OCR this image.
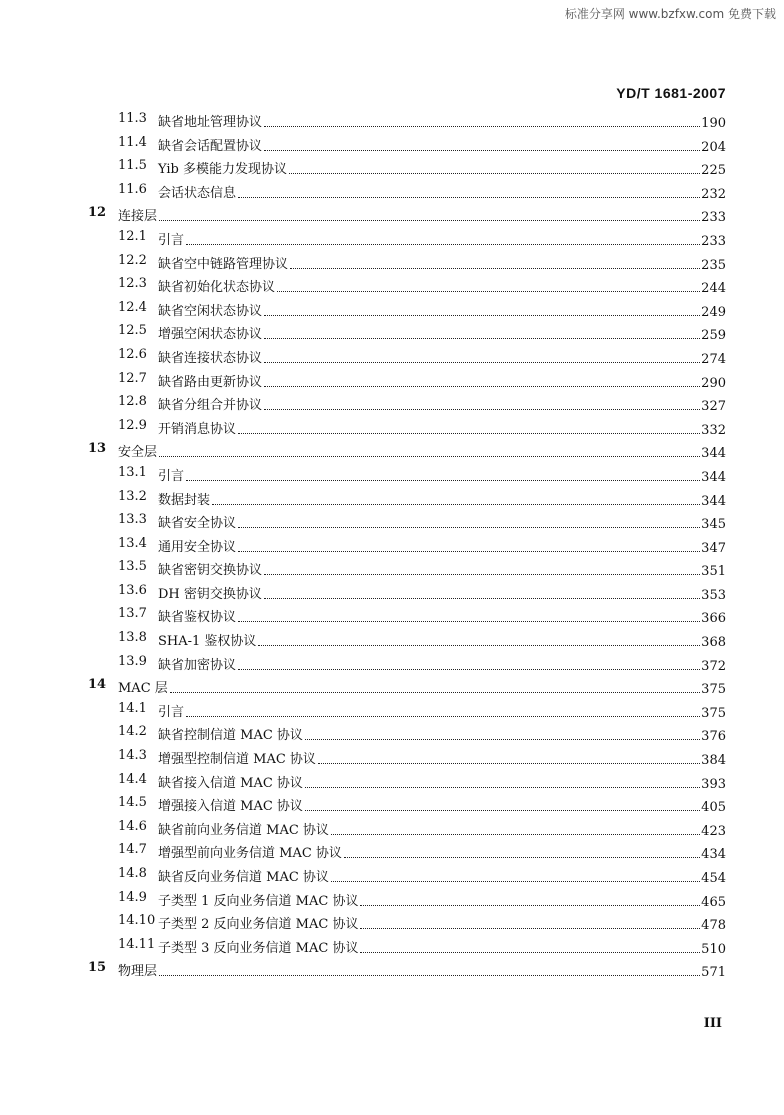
标准分享网 www.bzfxw.com 免费下载
YD/T 1681-2007
11.3 缺省地址管理协议	190
11.4 缺省会话配置协议	204
11.5 Yib 多模能力发现协议	225
11.6 会话状态信息	232
12 连接层	233
12.1 引言	233
12.2 缺省空中链路管理协议	235
12.3 缺省初始化状态协议	244
12.4 缺省空闲状态协议	249
12.5 增强空闲状态协议	259
12.6 缺省连接状态协议	274
12.7 缺省路由更新协议	290
12.8 缺省分组合并协议	327
12.9 开销消息协议	332
13 安全层	344
13.1 引言	344
13.2 数据封装	344
13.3 缺省安全协议	345
13.4 通用安全协议	347
13.5 缺省密钥交换协议	351
13.6 DH 密钥交换协议	353
13.7 缺省鉴权协议	366
13.8 SHA-1 鉴权协议	368
13.9 缺省加密协议	372
14 MAC 层	375
14.1 引言	375
14.2 缺省控制信道 MAC 协议	376
14.3 增强型控制信道 MAC 协议	384
14.4 缺省接入信道 MAC 协议	393
14.5 增强接入信道 MAC 协议	405
14.6 缺省前向业务信道 MAC 协议	423
14.7 增强型前向业务信道 MAC 协议	434
14.8 缺省反向业务信道 MAC 协议	454
14.9 子类型 1 反向业务信道 MAC 协议	465
14.10 子类型 2 反向业务信道 MAC 协议	478
14.11 子类型 3 反向业务信道 MAC 协议	510
15 物理层	571
III
